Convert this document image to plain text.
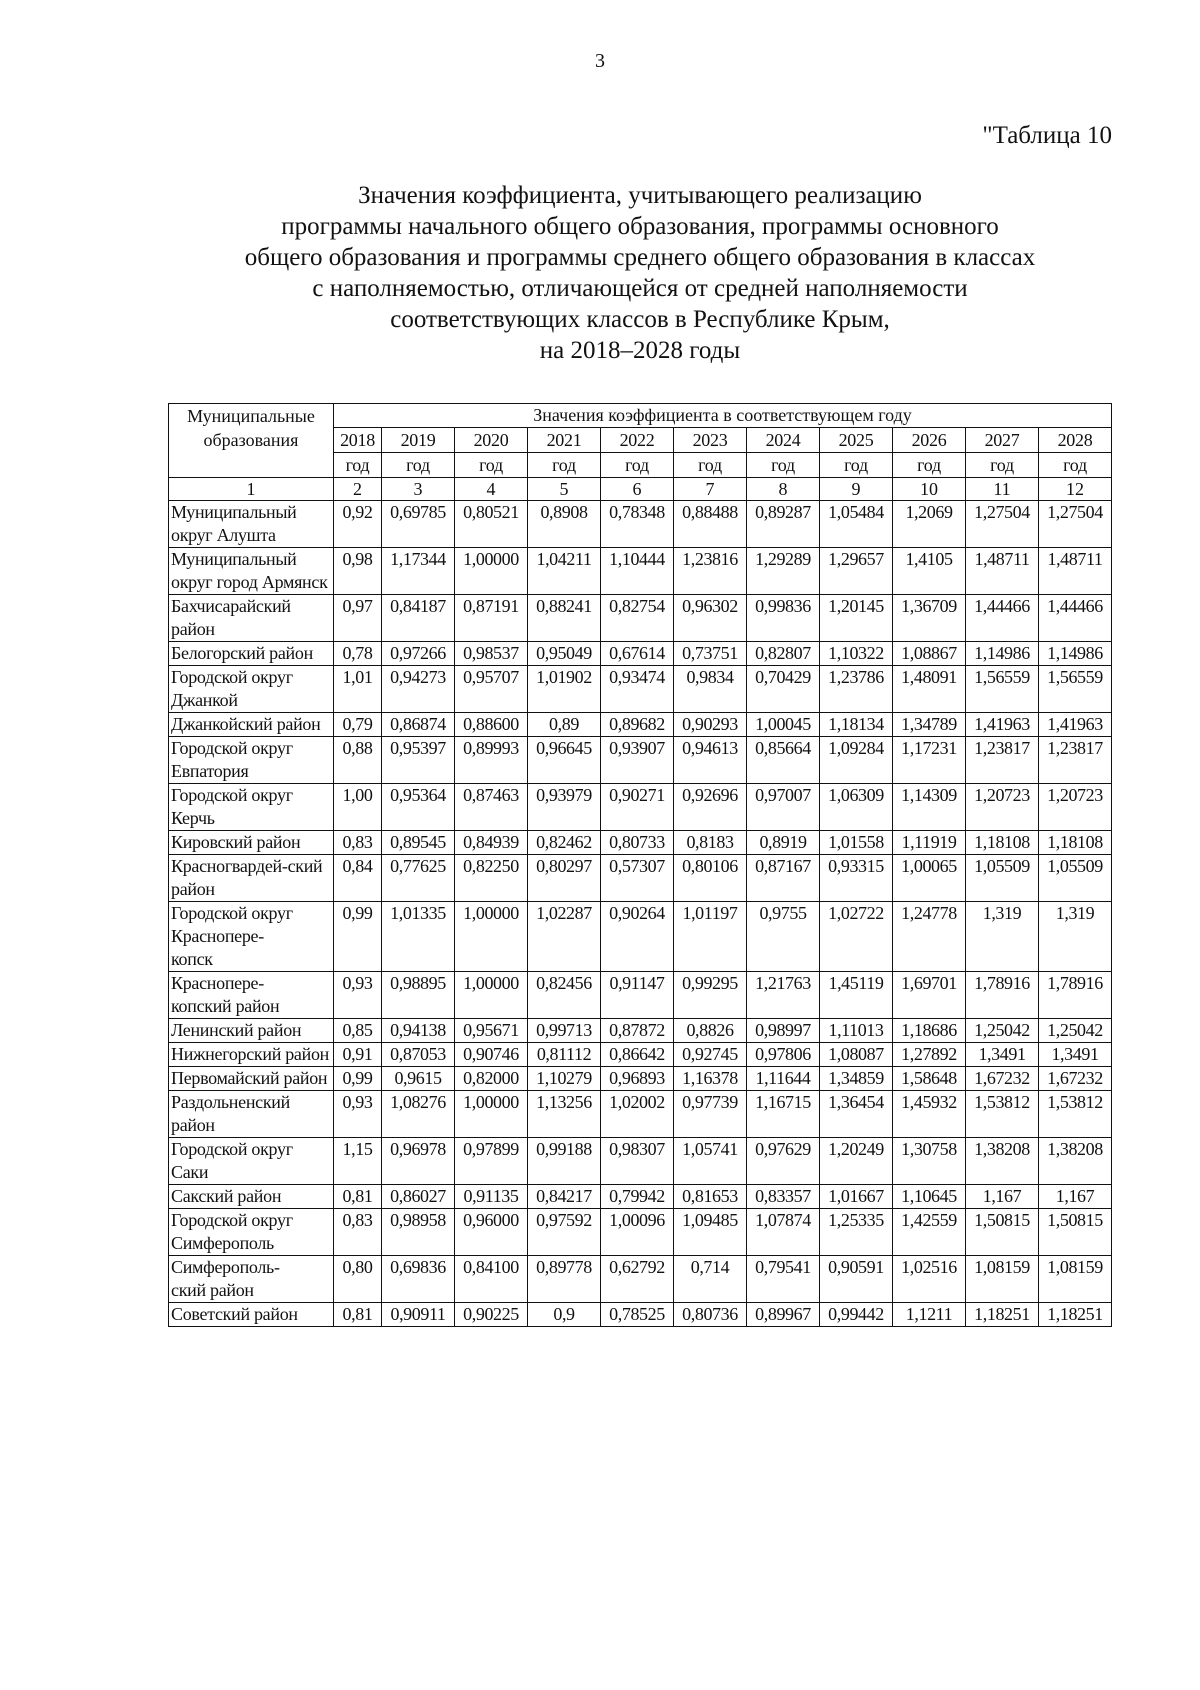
3
"Таблица 10
Значения коэффициента, учитывающего реализацию
программы начального общего образования, программы основного
общего образования и программы среднего общего образования в классах
с наполняемостью, отличающейся от средней наполняемости
соответствующих классов в Республике Крым,
на 2018–2028 годы
Муниципальные образования	Значения коэффициента в соответствующем году										
	2018	2019	2020	2021	2022	2023	2024	2025	2026	2027	2028
	год	год	год	год	год	год	год	год	год	год	год
1	2	3	4	5	6	7	8	9	10	11	12
Муниципальный округ Алушта	0,92	0,69785	0,80521	0,8908	0,78348	0,88488	0,89287	1,05484	1,2069	1,27504	1,27504
Муниципальный округ город Армянск	0,98	1,17344	1,00000	1,04211	1,10444	1,23816	1,29289	1,29657	1,4105	1,48711	1,48711
Бахчисарайский район	0,97	0,84187	0,87191	0,88241	0,82754	0,96302	0,99836	1,20145	1,36709	1,44466	1,44466
Белогорский район	0,78	0,97266	0,98537	0,95049	0,67614	0,73751	0,82807	1,10322	1,08867	1,14986	1,14986
Городской округ Джанкой	1,01	0,94273	0,95707	1,01902	0,93474	0,9834	0,70429	1,23786	1,48091	1,56559	1,56559
Джанкойский район	0,79	0,86874	0,88600	0,89	0,89682	0,90293	1,00045	1,18134	1,34789	1,41963	1,41963
Городской округ Евпатория	0,88	0,95397	0,89993	0,96645	0,93907	0,94613	0,85664	1,09284	1,17231	1,23817	1,23817
Городской округ Керчь	1,00	0,95364	0,87463	0,93979	0,90271	0,92696	0,97007	1,06309	1,14309	1,20723	1,20723
Кировский район	0,83	0,89545	0,84939	0,82462	0,80733	0,8183	0,8919	1,01558	1,11919	1,18108	1,18108
Красногвардей-ский район	0,84	0,77625	0,82250	0,80297	0,57307	0,80106	0,87167	0,93315	1,00065	1,05509	1,05509
Городской округ
Красноперe-
копск	0,99	1,01335	1,00000	1,02287	0,90264	1,01197	0,9755	1,02722	1,24778	1,319	1,319
Красноперe-
копский район	0,93	0,98895	1,00000	0,82456	0,91147	0,99295	1,21763	1,45119	1,69701	1,78916	1,78916
Ленинский район	0,85	0,94138	0,95671	0,99713	0,87872	0,8826	0,98997	1,11013	1,18686	1,25042	1,25042
Нижнегорский район	0,91	0,87053	0,90746	0,81112	0,86642	0,92745	0,97806	1,08087	1,27892	1,3491	1,3491
Первомайский район	0,99	0,9615	0,82000	1,10279	0,96893	1,16378	1,11644	1,34859	1,58648	1,67232	1,67232
Раздольненский район	0,93	1,08276	1,00000	1,13256	1,02002	0,97739	1,16715	1,36454	1,45932	1,53812	1,53812
Городской округ Саки	1,15	0,96978	0,97899	0,99188	0,98307	1,05741	0,97629	1,20249	1,30758	1,38208	1,38208
Сакский район	0,81	0,86027	0,91135	0,84217	0,79942	0,81653	0,83357	1,01667	1,10645	1,167	1,167
Городской округ Симферополь	0,83	0,98958	0,96000	0,97592	1,00096	1,09485	1,07874	1,25335	1,42559	1,50815	1,50815
Симферополь-
ский район	0,80	0,69836	0,84100	0,89778	0,62792	0,714	0,79541	0,90591	1,02516	1,08159	1,08159
Советский район	0,81	0,90911	0,90225	0,9	0,78525	0,80736	0,89967	0,99442	1,1211	1,18251	1,18251
